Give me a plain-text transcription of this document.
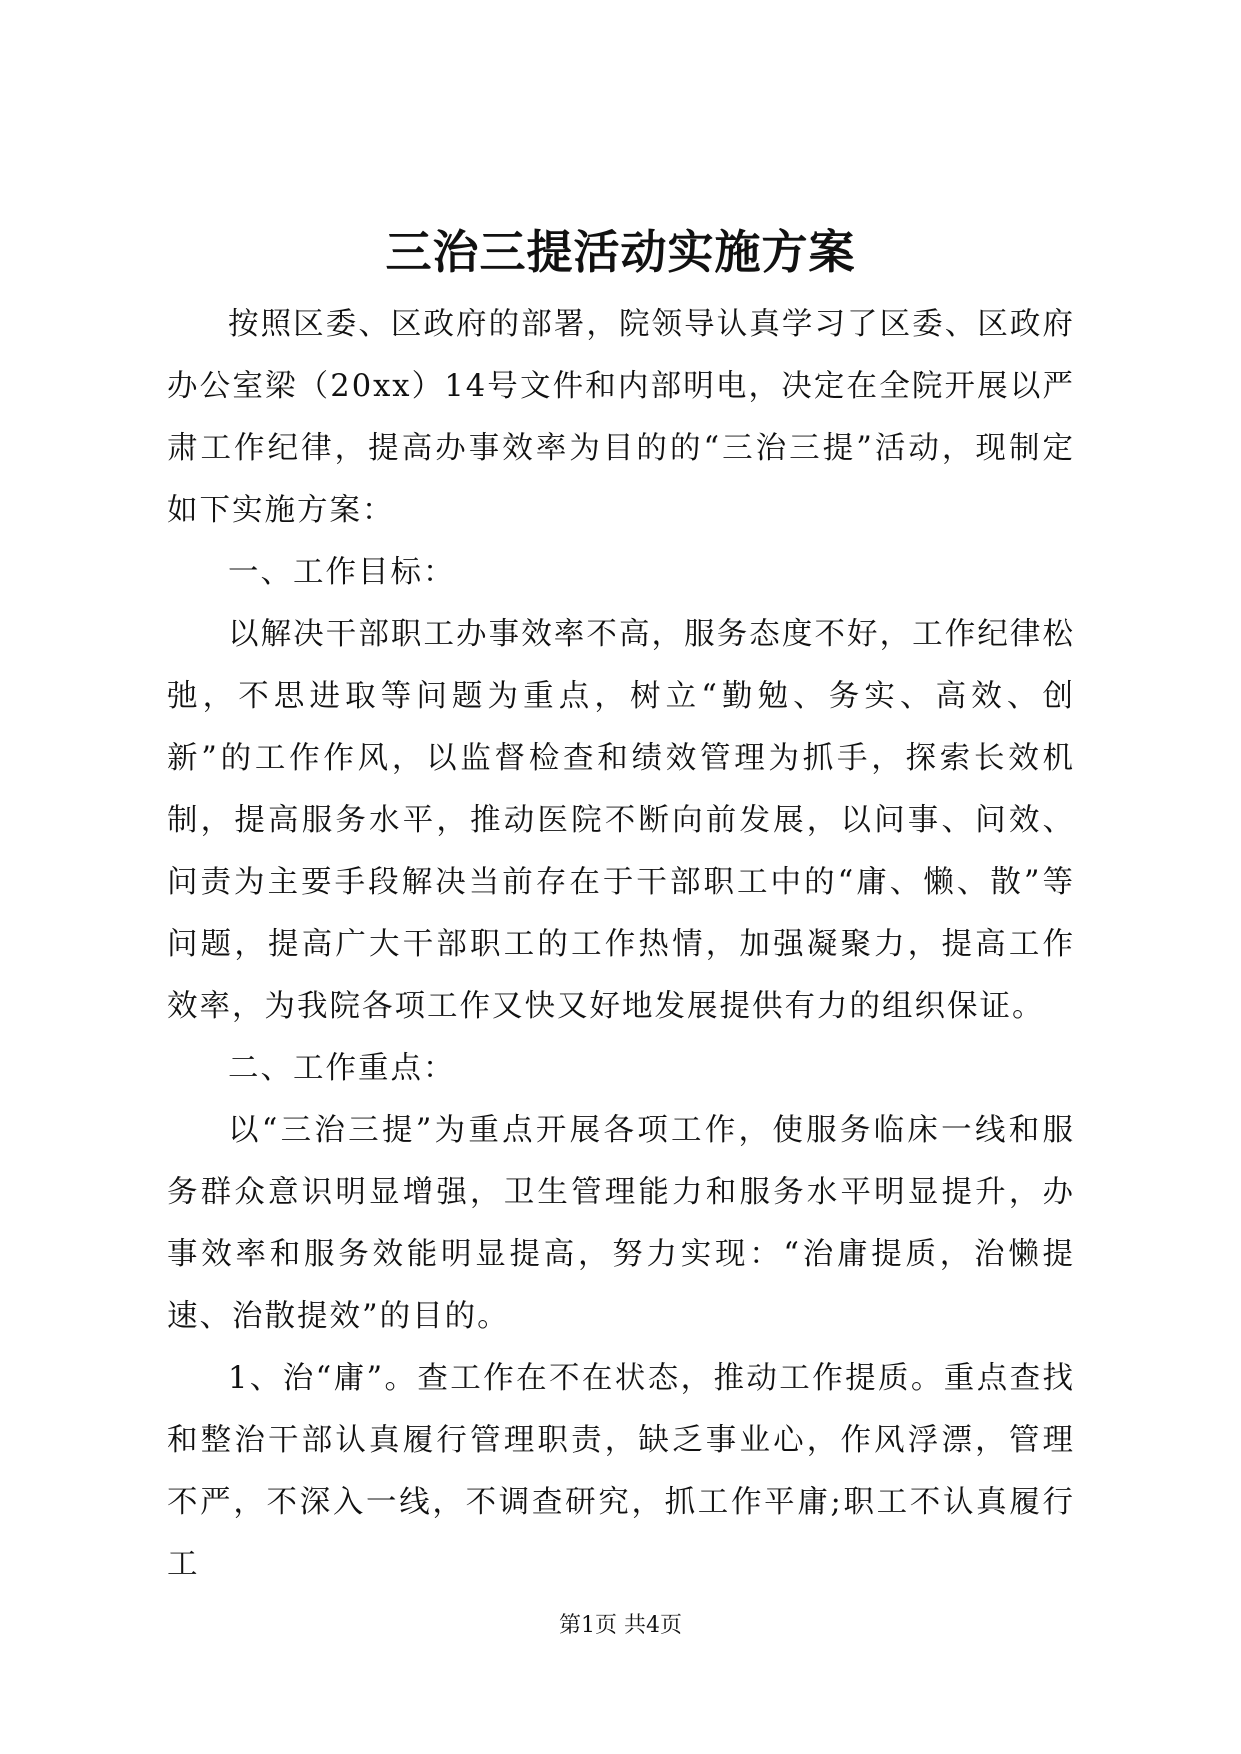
三治三提活动实施方案

按照区委、区政府的部署，院领导认真学习了区委、区政府办公室梁（20xx）14号文件和内部明电，决定在全院开展以严肃工作纪律，提高办事效率为目的的“三治三提”活动，现制定如下实施方案：

一、工作目标：

以解决干部职工办事效率不高，服务态度不好，工作纪律松弛，不思进取等问题为重点，树立“勤勉、务实、高效、创新”的工作作风，以监督检查和绩效管理为抓手，探索长效机制，提高服务水平，推动医院不断向前发展，以问事、问效、问责为主要手段解决当前存在于干部职工中的“庸、懒、散”等问题，提高广大干部职工的工作热情，加强凝聚力，提高工作效率，为我院各项工作又快又好地发展提供有力的组织保证。

二、工作重点：

以“三治三提”为重点开展各项工作，使服务临床一线和服务群众意识明显增强，卫生管理能力和服务水平明显提升，办事效率和服务效能明显提高，努力实现：“治庸提质，治懒提速、治散提效”的目的。

1、治“庸”。查工作在不在状态，推动工作提质。重点查找和整治干部认真履行管理职责，缺乏事业心，作风浮漂，管理不严，不深入一线，不调查研究，抓工作平庸;职工不认真履行工

第1页 共4页
